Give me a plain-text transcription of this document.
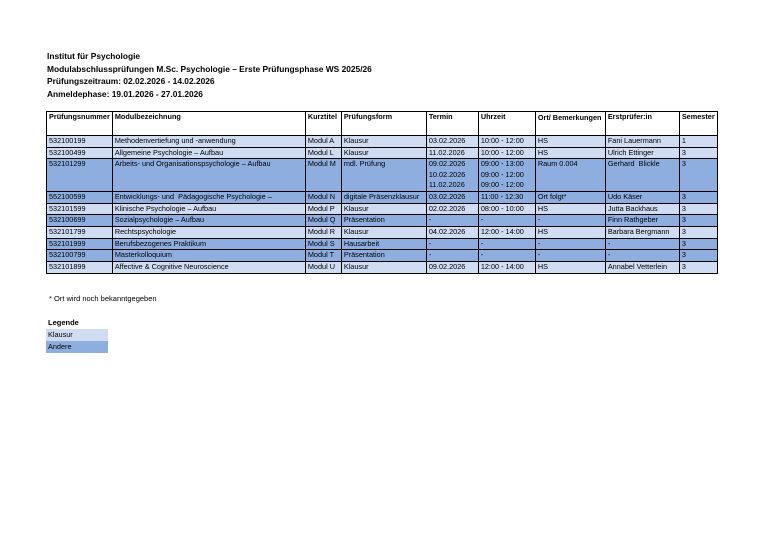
Institut für Psychologie
Modulabschlussprüfungen M.Sc. Psychologie – Erste Prüfungsphase WS 2025/26
Prüfungszeitraum: 02.02.2026 - 14.02.2026
Anmeldephase: 19.01.2026 - 27.01.2026
Prüfungsnummer	Modulbezeichnung	Kurztitel	Prüfungsform	Termin	Uhrzeit	Ort/ Bemerkungen	Erstprüfer:in	Semester
532100199	Methodenvertiefung und -anwendung	Modul A	Klausur	03.02.2026	10:00 - 12:00	HS	Fani Lauermann	1
532100499	Allgemeine Psychologie – Aufbau	Modul L	Klausur	11.02.2026	10:00 - 12:00	HS	Ulrich Ettinger	3
532101299	Arbeits- und Organisationspsychologie – Aufbau	Modul M	mdl. Prüfung	09.02.2026
10.02.2026
11.02.2026	09:00 - 13:00
09:00 - 12:00
09:00 - 12:00	Raum 0.004	Gerhard  Blickle	3
552100599	Entwicklungs- und  Pädagogische Psychologie –	Modul N	digitale Präsenzklausur	03.02.2026	11:00 - 12:30	Ort folgt*	Udo Käser	3
532101599	Klinische Psychologie – Aufbau	Modul P	Klausur	02.02.2026	08:00 - 10:00	HS	Jutta Backhaus	3
532100699	Sozialpsychologie – Aufbau	Modul Q	Präsentation	-	-	-	Finn Rathgeber	3
532101799	Rechtspsychologie	Modul R	Klausur	04.02.2026	12:00 - 14:00	HS	Barbara Bergmann	3
532101999	Berufsbezogenes Praktikum	Modul S	Hausarbeit	-	-	-	-	3
532100799	Masterkolloquium	Modul T	Präsentation	-	-	-	-	3
532101899	Affective & Cognitive Neuroscience	Modul U	Klausur	09.02.2026	12:00 - 14:00	HS	Annabel Vetterlein	3
* Ort wird noch bekanntgegeben
Legende
Klausur
Andere
